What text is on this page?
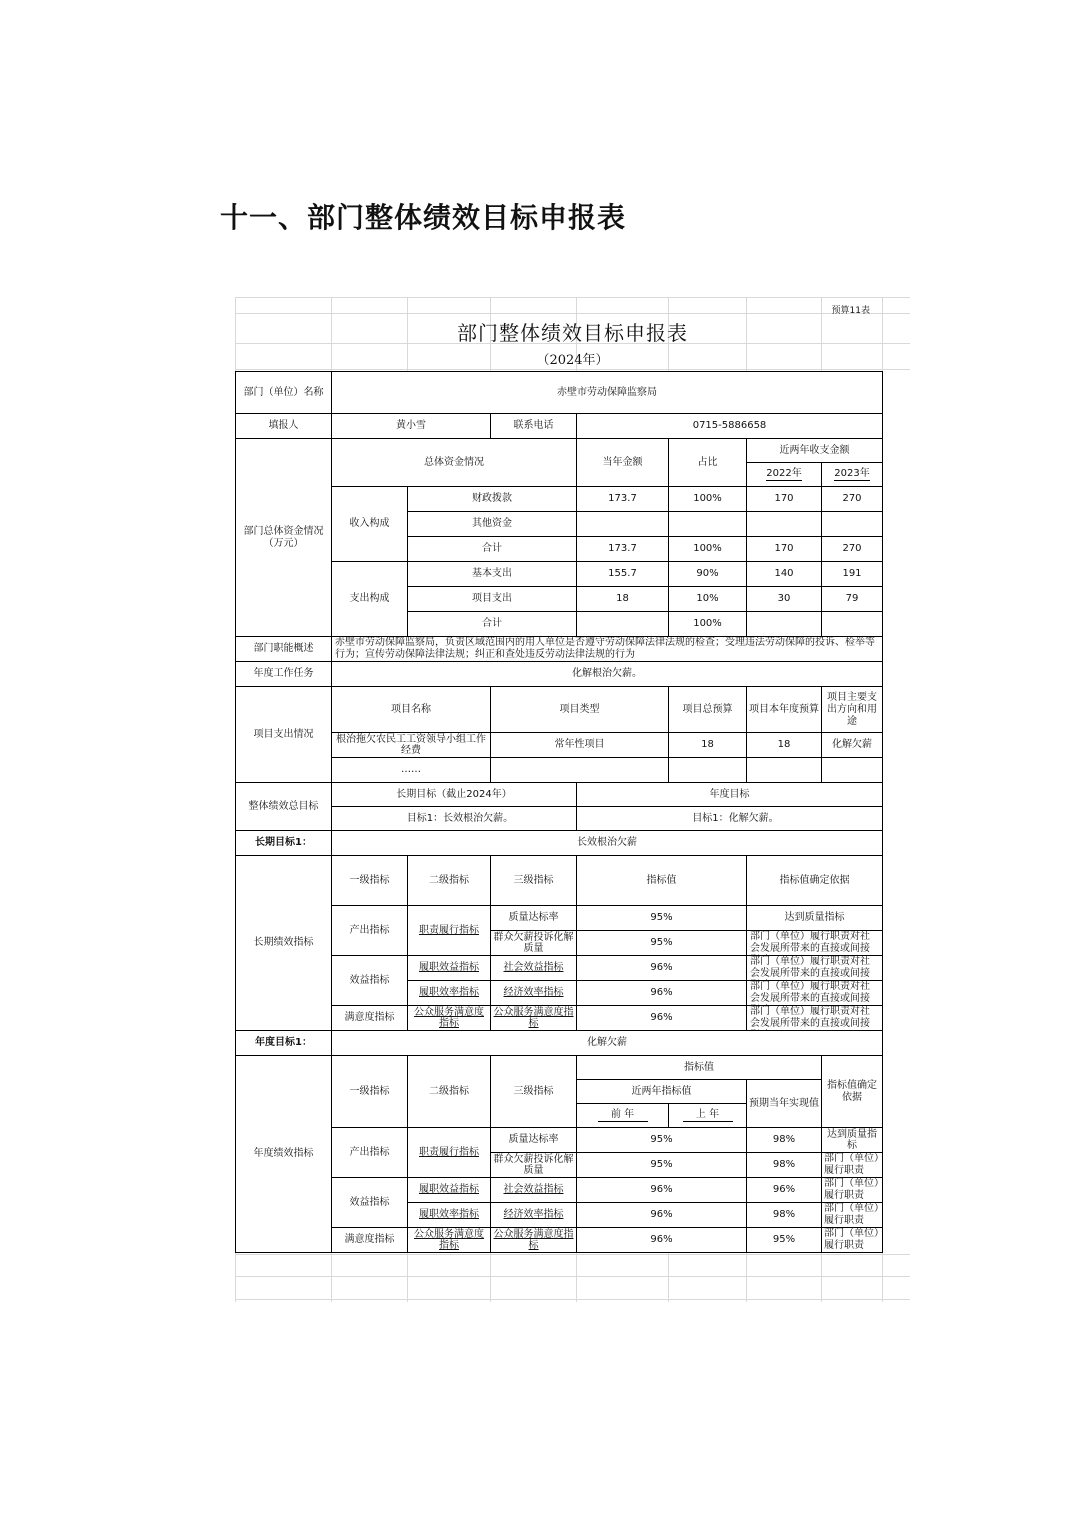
十一、部门整体绩效目标申报表
预算11表
部门整体绩效目标申报表
（2024年）
部门（单位）名称	赤壁市劳动保障监察局						
填报人	黄小雪		联系电话	0715-5886658			
部门总体资金情况（万元）	总体资金情况			当年金额	占比	近两年收支金额	
						2022年	2023年
	收入构成	财政拨款		173.7	100%	170	270
		其他资金					
		合计		173.7	100%	170	270
	支出构成	基本支出		155.7	90%	140	191
		项目支出		18	10%	30	79
		合计			100%		
部门职能概述	赤壁市劳动保障监察局，负责区域范围内的用人单位是否遵守劳动保障法律法规的检查；受理违法劳动保障的投诉、检举等行为；宣传劳动保障法律法规；纠正和查处违反劳动法律法规的行为						

年度工作任务	化解根治欠薪。						
项目支出情况	项目名称		项目类型		项目总预算	项目本年度预算	项目主要支出方向和用途
	根治拖欠农民工工资领导小组工作经费		常年性项目		18	18	化解欠薪
	……						
整体绩效总目标	长期目标（截止2024年）			年度目标			
	目标1：长效根治欠薪。			目标1：化解欠薪。			
长期目标1：	长效根治欠薪						
长期绩效指标	一级指标	二级指标	三级指标	指标值		指标值确定依据	
	产出指标	职责履行指标	质量达标率	95%		达到质量指标	
			群众欠薪投诉化解质量	95%		部门（单位）履行职责对社会发展所带来的直接或间接	

	效益指标	履职效益指标	社会效益指标	96%		部门（单位）履行职责对社会发展所带来的直接或间接	

		履职效率指标	经济效率指标	96%		部门（单位）履行职责对社会发展所带来的直接或间接	

	满意度指标	公众服务满意度指标	公众服务满意度指标	96%		部门（单位）履行职责对社会发展所带来的直接或间接	

年度目标1：	化解欠薪						
年度绩效指标	一级指标	二级指标	三级指标	指标值			指标值确定依据
				近两年指标值		预期当年实现值	
				前 年	上 年		
	产出指标	职责履行指标	质量达标率	95%		98%	达到质量指标
			群众欠薪投诉化解质量	95%		98%	部门（单位）履行职责

	效益指标	履职效益指标	社会效益指标	96%		96%	部门（单位）履行职责

		履职效率指标	经济效率指标	96%		98%	部门（单位）履行职责

	满意度指标	公众服务满意度指标	公众服务满意度指标	96%		95%	部门（单位）履行职责
